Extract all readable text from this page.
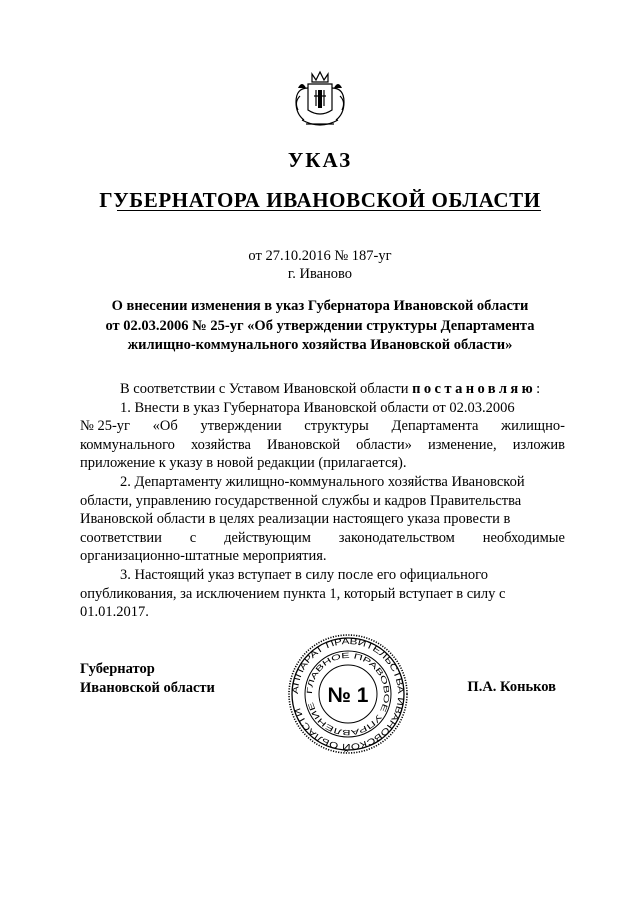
УКАЗ
ГУБЕРНАТОРА ИВАНОВСКОЙ ОБЛАСТИ
от 27.10.2016 № 187-уг
г. Иваново
О внесении изменения в указ Губернатора Ивановской области
от 02.03.2006 № 25-уг «Об утверждении структуры Департамента
жилищно-коммунального хозяйства Ивановской области»
В соответствии с Уставом Ивановской области постановляю:
1. Внести в указ Губернатора Ивановской области от 02.03.2006
№ 25-уг «Об утверждении структуры Департамента жилищно-
коммунального хозяйства Ивановской области» изменение, изложив
приложение к указу в новой редакции (прилагается).
2. Департаменту жилищно-коммунального хозяйства Ивановской
области, управлению государственной службы и кадров Правительства
Ивановской области в целях реализации настоящего указа провести в
соответствии с действующим законодательством необходимые
организационно-штатные мероприятия.
3. Настоящий указ вступает в силу после его официального
опубликования, за исключением пункта 1, который вступает в силу с
01.01.2017.
Губернатор
Ивановской области	АППАРАТ ПРАВИТЕЛЬСТВА ИВАНОВСКОЙ ОБЛАСТИ
ГЛАВНОЕ ПРАВОВОЕ УПРАВЛЕНИЕ
№ 1	П.А. Коньков
